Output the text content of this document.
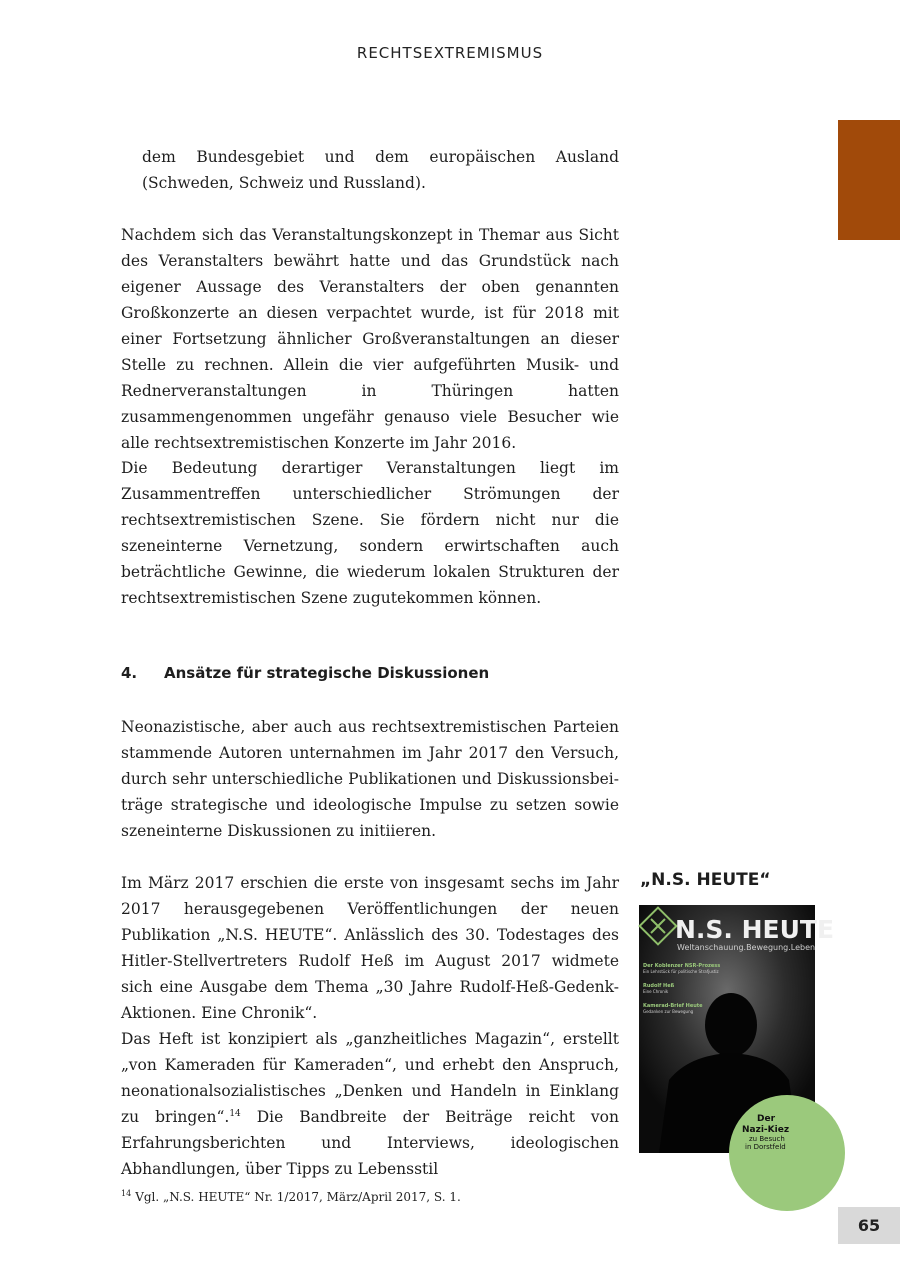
RECHTSEXTREMISMUS

dem Bundesgebiet und dem europäischen Ausland (Schweden, Schweiz und Russland).

Nachdem sich das Veranstaltungskonzept in Themar aus Sicht des Veranstalters bewährt hatte und das Grundstück nach eigener Aussage des Veranstalters der oben genannten Großkonzerte an diesen verpachtet wurde, ist für 2018 mit einer Fortsetzung ähnlicher Großveranstaltungen an dieser Stelle zu rechnen. Allein die vier aufgeführten Musik- und Rednerveranstaltungen in Thüringen hatten zusammengenommen ungefähr genauso viele Besucher wie alle rechtsextremistischen Konzerte im Jahr 2016.

Die Bedeutung derartiger Veranstaltungen liegt im Zusammentreffen unterschiedlicher Strömungen der rechtsextremistischen Szene. Sie fördern nicht nur die szeneinterne Vernetzung, sondern erwirtschaften auch beträchtliche Gewinne, die wiederum lokalen Strukturen der rechtsextremistischen Szene zugutekommen können.

4. Ansätze für strategische Diskussionen

Neonazistische, aber auch aus rechtsextremistischen Parteien stammende Autoren unternahmen im Jahr 2017 den Versuch, durch sehr unterschiedliche Publikationen und Diskussionsbeiträge strategische und ideologische Impulse zu setzen sowie szeneinterne Diskussionen zu initiieren.

Im März 2017 erschien die erste von insgesamt sechs im Jahr 2017 herausgegebenen Veröffentlichungen der neuen Publikation „N.S. HEUTE“. Anlässlich des 30. Todestages des Hitler-Stellvertreters Rudolf Heß im August 2017 widmete sich eine Ausgabe dem Thema „30 Jahre Rudolf-Heß-Gedenk-Aktionen. Eine Chronik“.

Das Heft ist konzipiert als „ganzheitliches Magazin“, erstellt „von Kameraden für Kameraden“, und erhebt den Anspruch, neonationalsozialistisches „Denken und Handeln in Einklang zu bringen“.$^{14}$ Die Bandbreite der Beiträge reicht von Erfahrungsberichten und Interviews, ideologischen Abhandlungen, über Tipps zu Lebensstil

„N.S. HEUTE“
N.S. HEUTE
Weltanschauung.Bewegung.Leben
Der Koblenzer NSR-Prozess
Ein Lehrstück für politische Strafjustiz
Rudolf Heß
Eine Chronik
Kamerad-Brief Heute
Gedanken zur Bewegung
Der
Nazi-Kiez
zu Besuch
in Dorstfeld
$^{14}$ Vgl. „N.S. HEUTE“ Nr. 1/2017, März/April 2017, S. 1.
65
